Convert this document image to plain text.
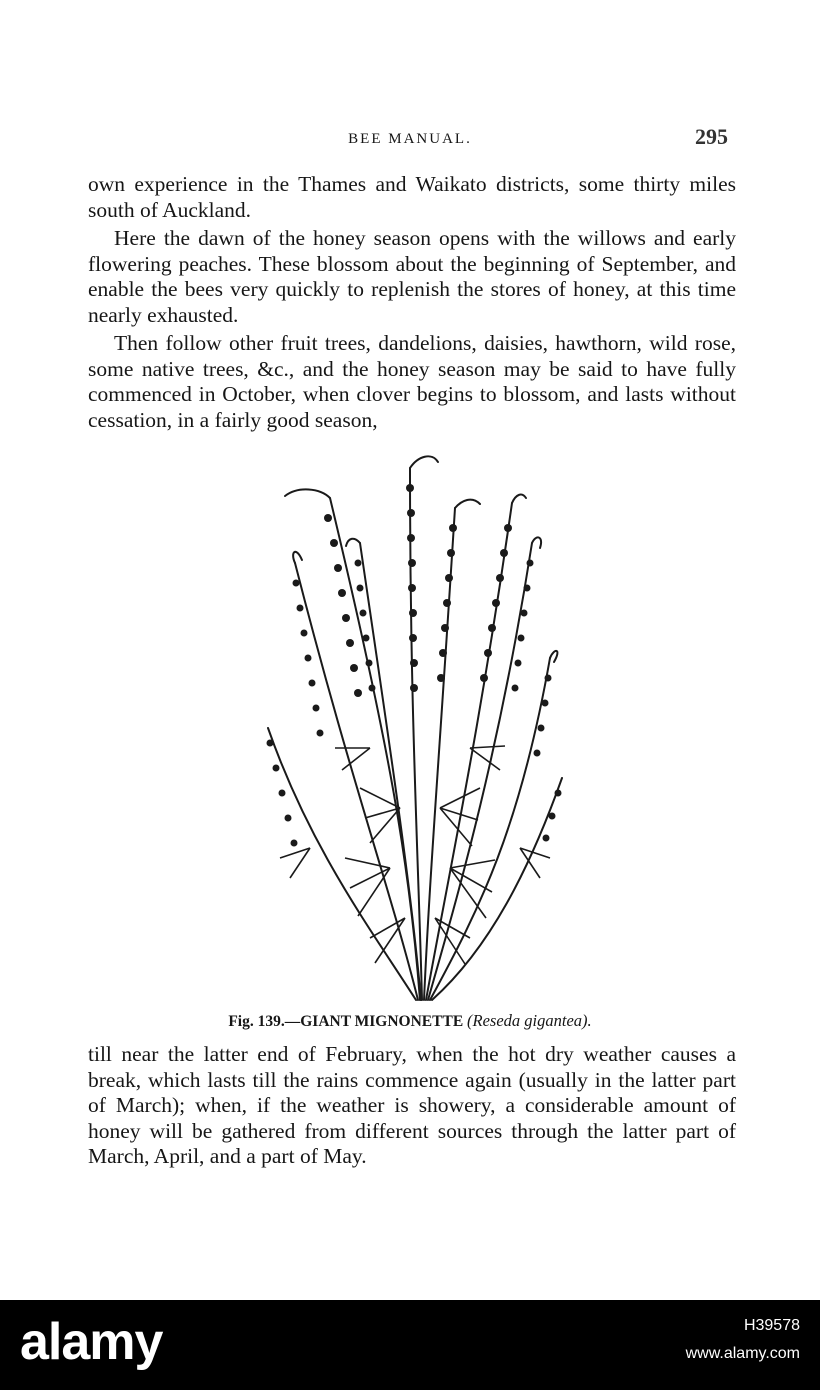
BEE MANUAL.	295

own experience in the Thames and Waikato districts, some thirty miles south of Auckland.

Here the dawn of the honey season opens with the willows and early flowering peaches. These blossom about the beginning of September, and enable the bees very quickly to replenish the stores of honey, at this time nearly exhausted.

Then follow other fruit trees, dandelions, daisies, hawthorn, wild rose, some native trees, &c., and the honey season may be said to have fully commenced in October, when clover begins to blossom, and lasts without cessation, in a fairly good season,

Fig. 139.—GIANT MIGNONETTE (Reseda gigantea).

till near the latter end of February, when the hot dry weather causes a break, which lasts till the rains commence again (usually in the latter part of March); when, if the weather is showery, a considerable amount of honey will be gathered from different sources through the latter part of March, April, and a part of May.

alamy	H39578
www.alamy.com
